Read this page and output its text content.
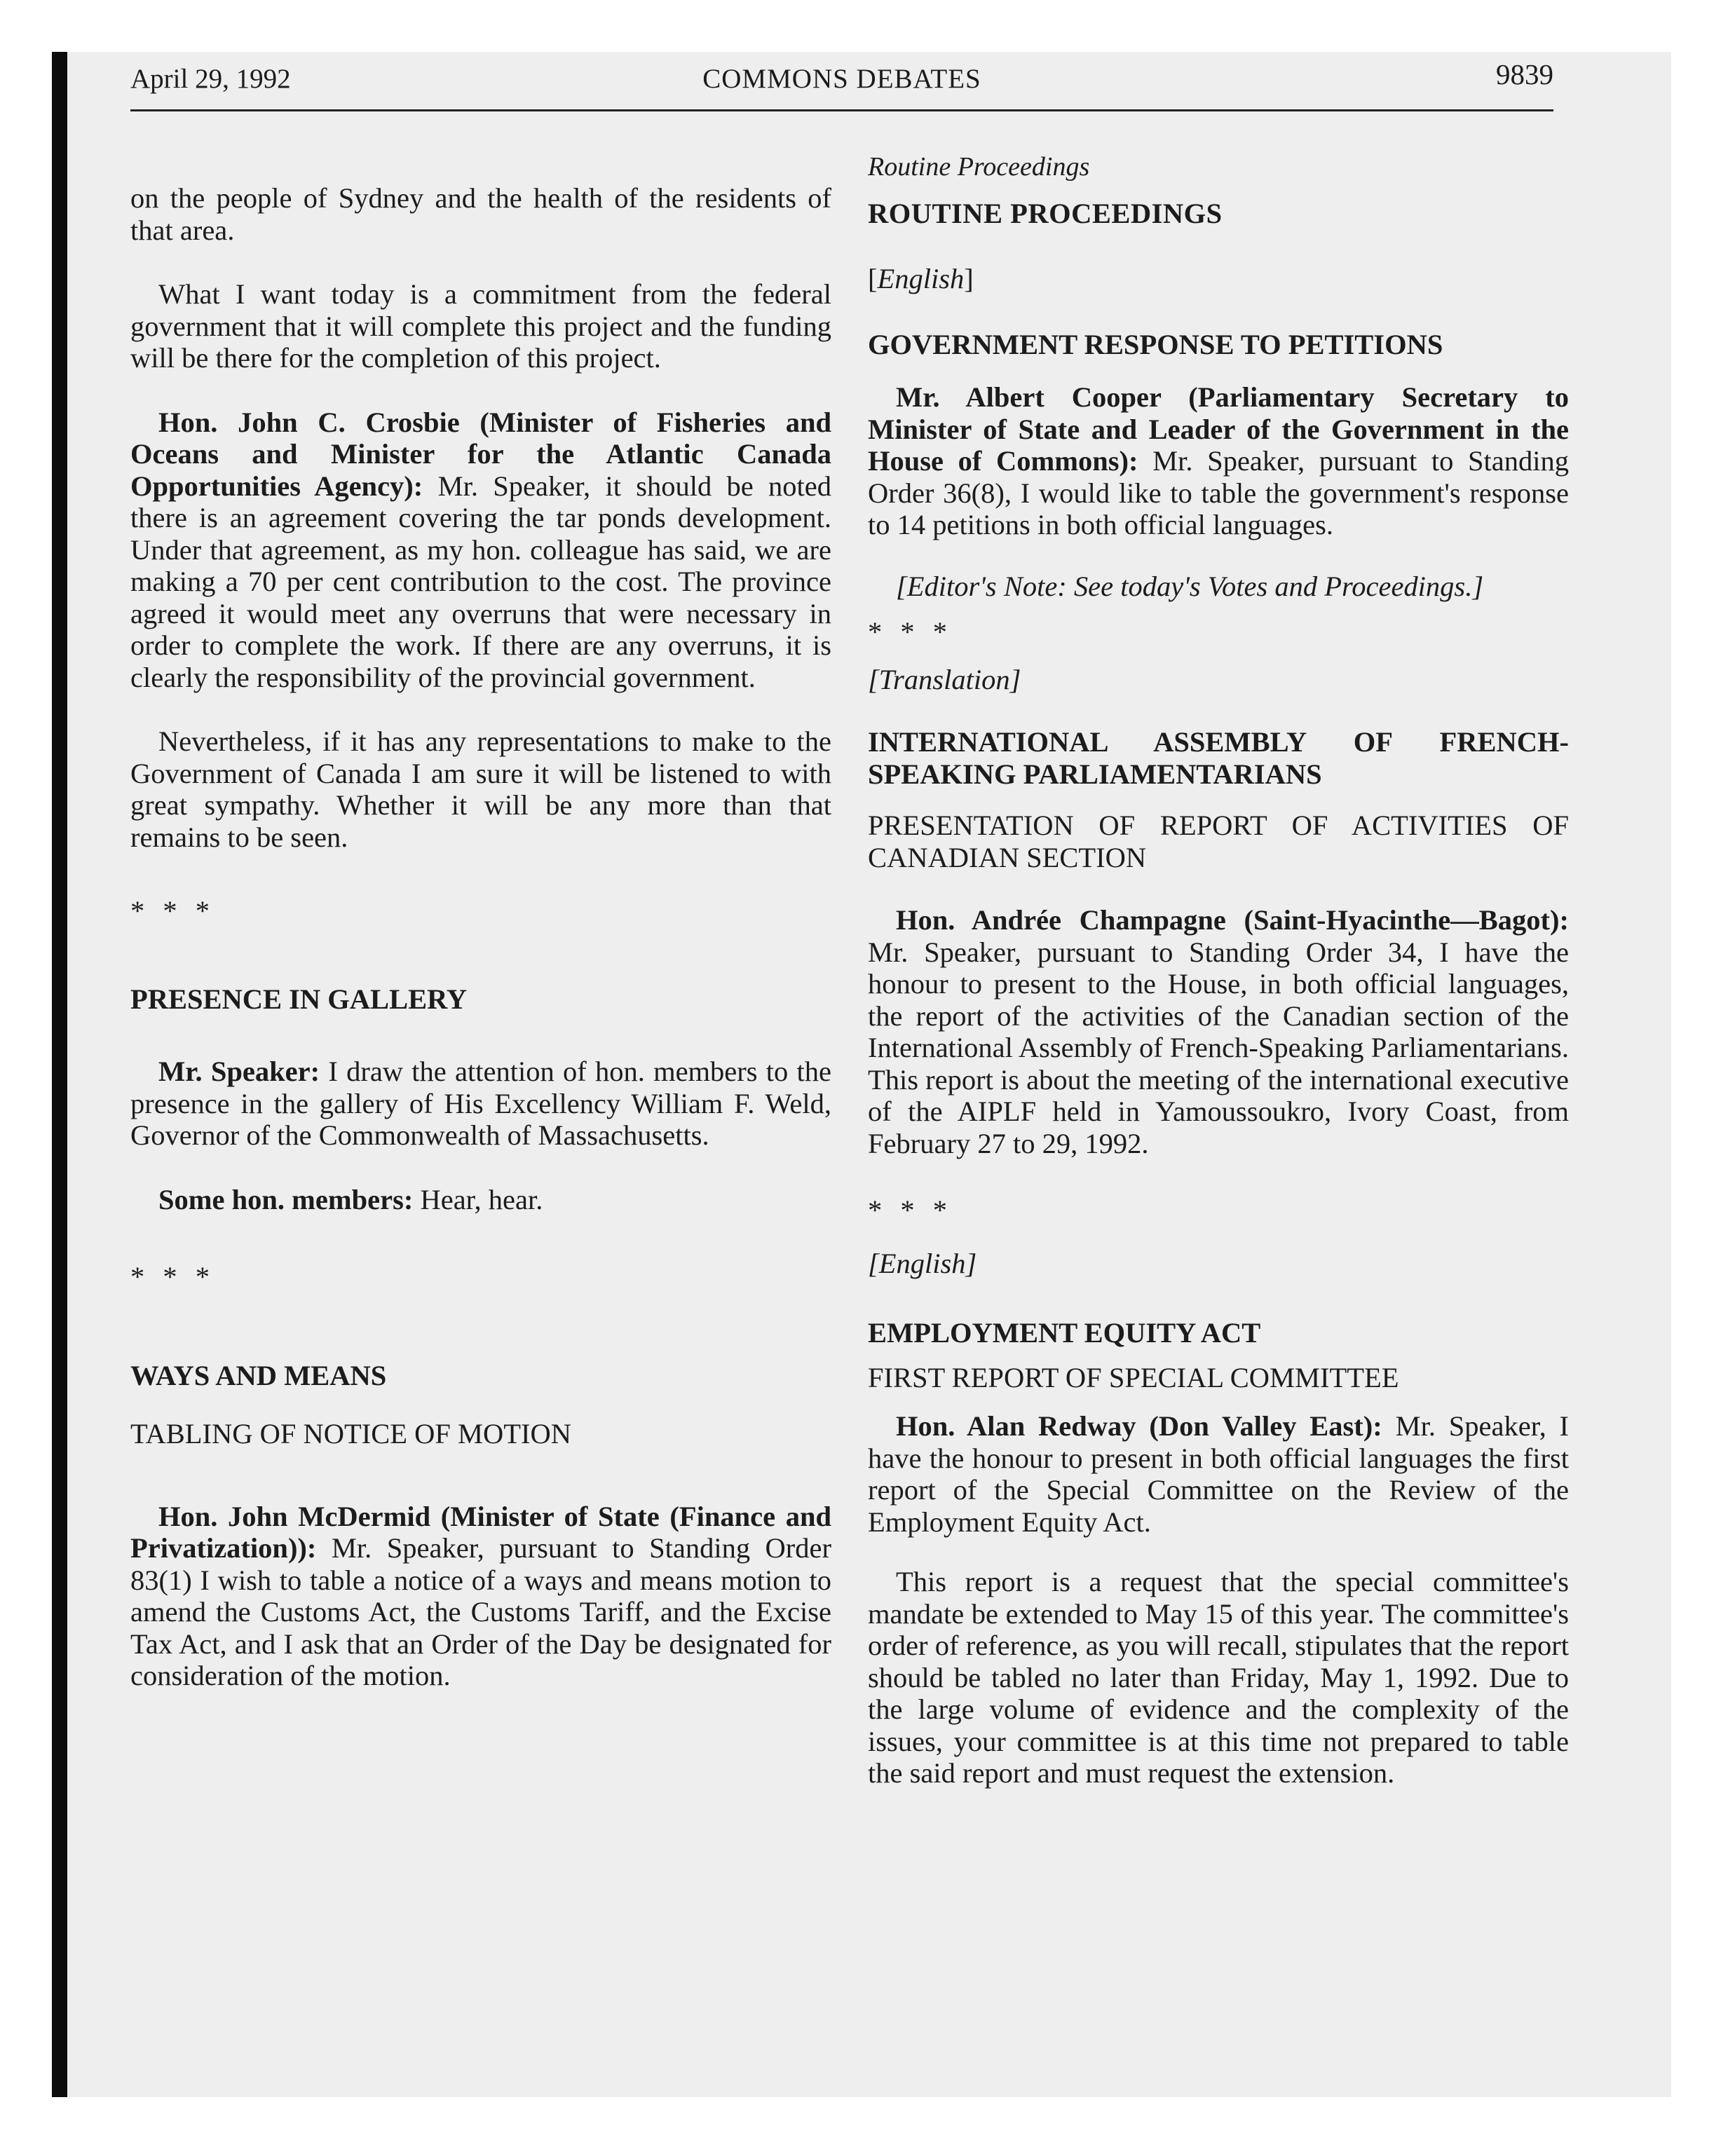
April 29, 1992	COMMONS DEBATES	9839

on the people of Sydney and the health of the residents of that area.

What I want today is a commitment from the federal government that it will complete this project and the funding will be there for the completion of this project.

Hon. John C. Crosbie (Minister of Fisheries and Oceans and Minister for the Atlantic Canada Opportunities Agency): Mr. Speaker, it should be noted there is an agreement covering the tar ponds development. Under that agreement, as my hon. colleague has said, we are making a 70 per cent contribution to the cost. The province agreed it would meet any overruns that were necessary in order to complete the work. If there are any overruns, it is clearly the responsibility of the provincial government.

Nevertheless, if it has any representations to make to the Government of Canada I am sure it will be listened to with great sympathy. Whether it will be any more than that remains to be seen.

* * *

PRESENCE IN GALLERY

Mr. Speaker: I draw the attention of hon. members to the presence in the gallery of His Excellency William F. Weld, Governor of the Commonwealth of Massachusetts.

Some hon. members: Hear, hear.

* * *

WAYS AND MEANS

TABLING OF NOTICE OF MOTION

Hon. John McDermid (Minister of State (Finance and Privatization)): Mr. Speaker, pursuant to Standing Order 83(1) I wish to table a notice of a ways and means motion to amend the Customs Act, the Customs Tariff, and the Excise Tax Act, and I ask that an Order of the Day be designated for consideration of the motion.

Routine Proceedings

ROUTINE PROCEEDINGS

[English]

GOVERNMENT RESPONSE TO PETITIONS

Mr. Albert Cooper (Parliamentary Secretary to Minister of State and Leader of the Government in the House of Commons): Mr. Speaker, pursuant to Standing Order 36(8), I would like to table the government's response to 14 petitions in both official languages.

[Editor's Note: See today's Votes and Proceedings.]

* * *

[Translation]

INTERNATIONAL ASSEMBLY OF FRENCH-SPEAKING PARLIAMENTARIANS

PRESENTATION OF REPORT OF ACTIVITIES OF CANADIAN SECTION

Hon. Andrée Champagne (Saint-Hyacinthe—Bagot): Mr. Speaker, pursuant to Standing Order 34, I have the honour to present to the House, in both official languages, the report of the activities of the Canadian section of the International Assembly of French-Speaking Parliamentarians. This report is about the meeting of the international executive of the AIPLF held in Yamoussoukro, Ivory Coast, from February 27 to 29, 1992.

* * *

[English]

EMPLOYMENT EQUITY ACT

FIRST REPORT OF SPECIAL COMMITTEE

Hon. Alan Redway (Don Valley East): Mr. Speaker, I have the honour to present in both official languages the first report of the Special Committee on the Review of the Employment Equity Act.

This report is a request that the special committee's mandate be extended to May 15 of this year. The committee's order of reference, as you will recall, stipulates that the report should be tabled no later than Friday, May 1, 1992. Due to the large volume of evidence and the complexity of the issues, your committee is at this time not prepared to table the said report and must request the extension.
